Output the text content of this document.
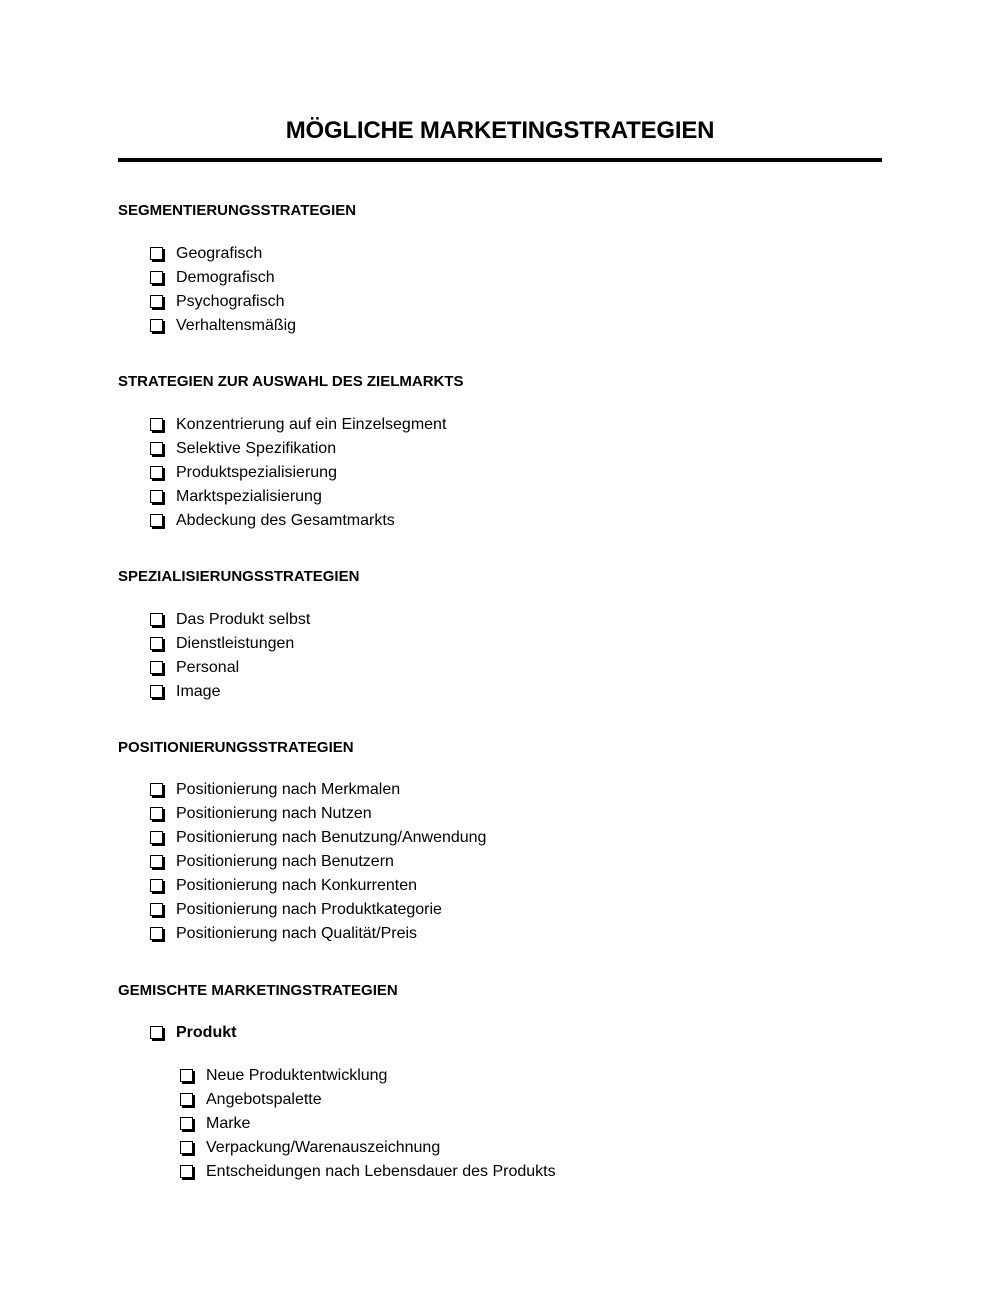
MÖGLICHE MARKETINGSTRATEGIEN
SEGMENTIERUNGSSTRATEGIEN
Geografisch
Demografisch
Psychografisch
Verhaltensmäßig
STRATEGIEN ZUR AUSWAHL DES ZIELMARKTS
Konzentrierung auf ein Einzelsegment
Selektive Spezifikation
Produktspezialisierung
Marktspezialisierung
Abdeckung des Gesamtmarkts
SPEZIALISIERUNGSSTRATEGIEN
Das Produkt selbst
Dienstleistungen
Personal
Image
POSITIONIERUNGSSTRATEGIEN
Positionierung nach Merkmalen
Positionierung nach Nutzen
Positionierung nach Benutzung/Anwendung
Positionierung nach Benutzern
Positionierung nach Konkurrenten
Positionierung nach Produktkategorie
Positionierung nach Qualität/Preis
GEMISCHTE MARKETINGSTRATEGIEN
Produkt
Neue Produktentwicklung
Angebotspalette
Marke
Verpackung/Warenauszeichnung
Entscheidungen nach Lebensdauer des Produkts
